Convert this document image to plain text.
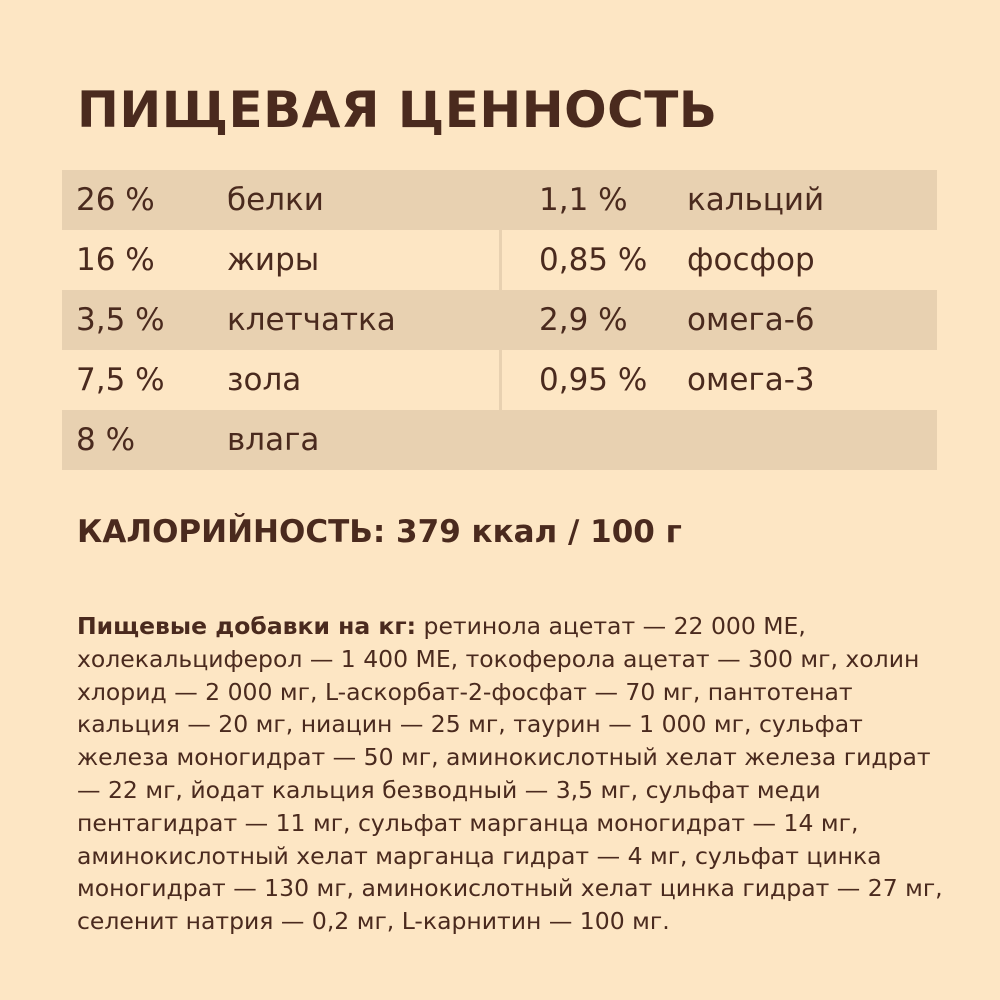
ПИЩЕВАЯ ЦЕННОСТЬ
26 % белки	1,1 % кальций
16 % жиры	0,85 % фосфор
3,5 % клетчатка	2,9 % омега-6
7,5 % зола	0,95 % омега-3
8 %	влага
КАЛОРИЙНОСТЬ: 379 ккал / 100 г

Пищевые добавки на кг: ретинола ацетат — 22 000 МЕ, холекальциферол — 1 400 МЕ, токоферола ацетат — 300 мг, холин хлорид — 2 000 мг, L-аскорбат-2-фосфат — 70 мг, пантотенат кальция — 20 мг, ниацин — 25 мг, таурин — 1 000 мг, сульфат железа моногидрат — 50 мг, аминокислотный хелат железа гидрат — 22 мг, йодат кальция безводный — 3,5 мг, сульфат меди пентагидрат — 11 мг, сульфат марганца моногидрат — 14 мг, аминокислотный хелат марганца гидрат — 4 мг, сульфат цинка моногидрат — 130 мг, аминокислотный хелат цинка гидрат — 27 мг, селенит натрия — 0,2 мг, L-карнитин — 100 мг.
